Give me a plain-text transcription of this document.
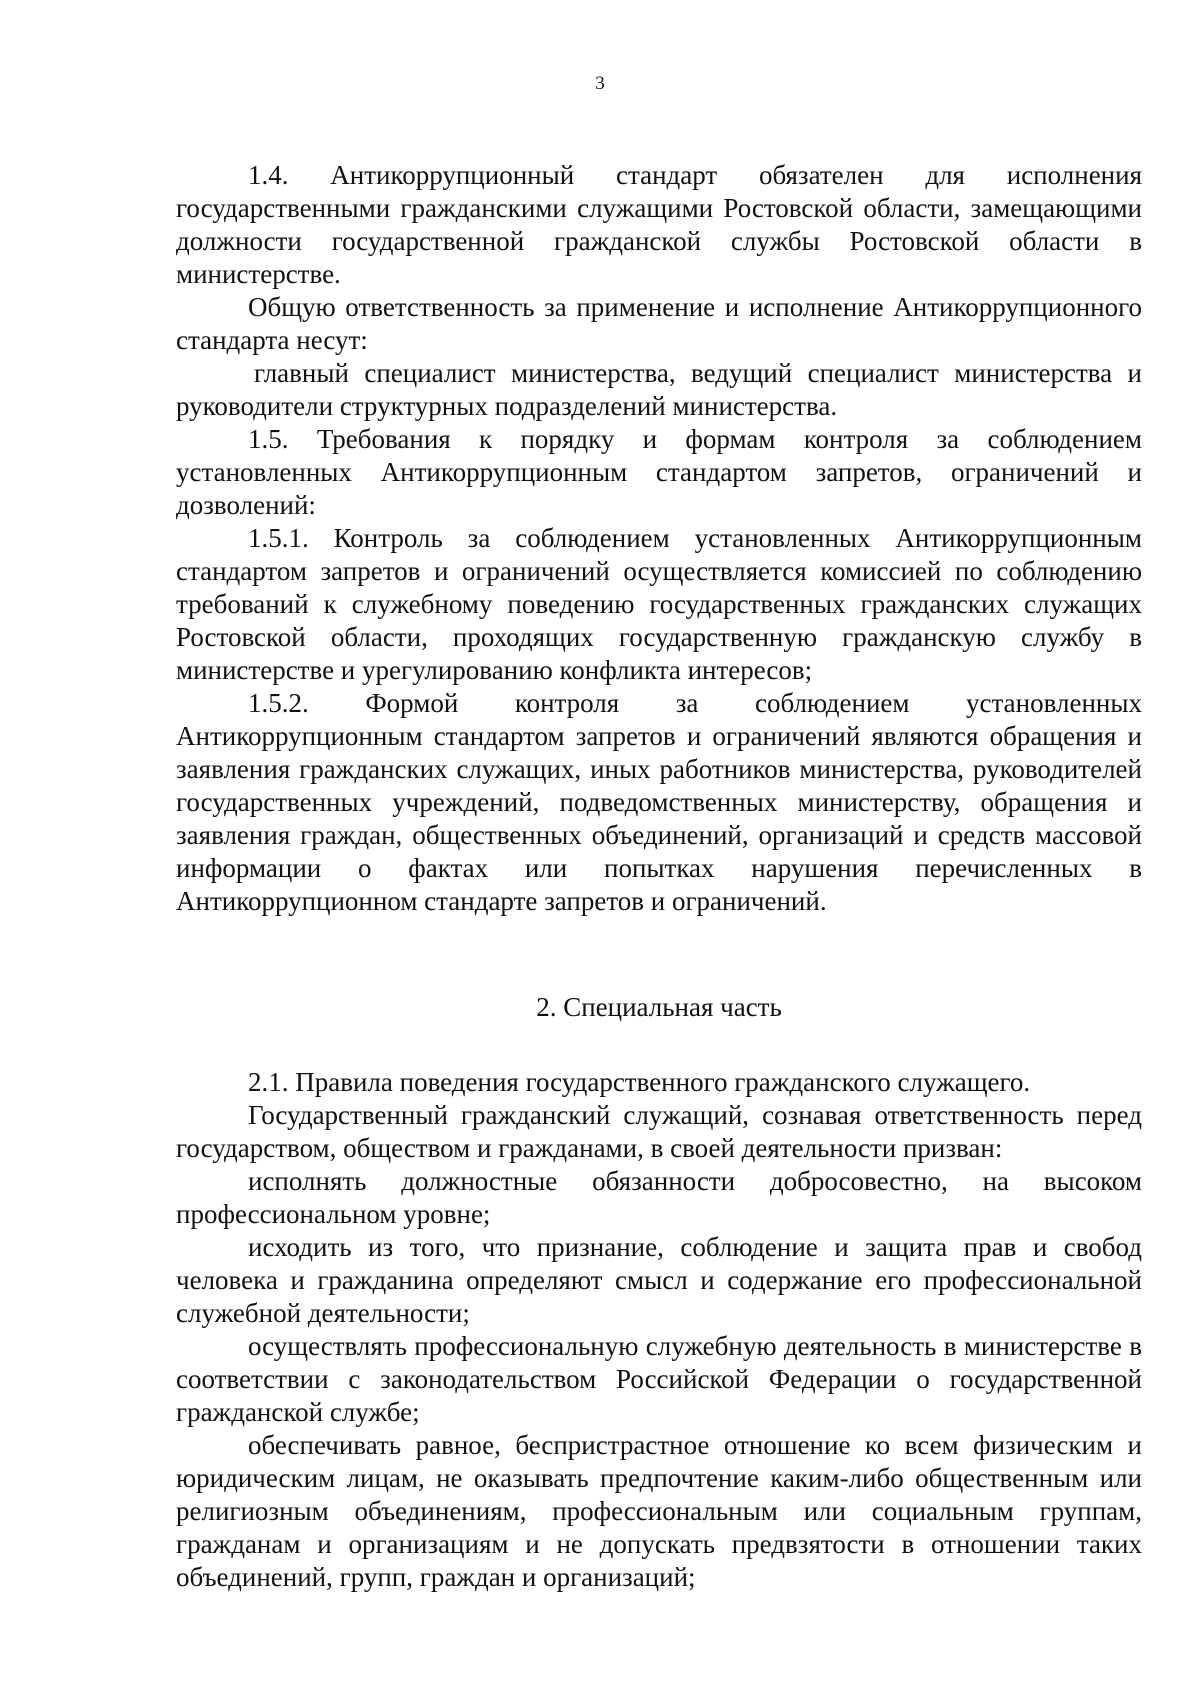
3

1.4. Антикоррупционный стандарт обязателен для исполнения государственными гражданскими служащими Ростовской области, замещающими должности государственной гражданской службы Ростовской области в министерстве.

Общую ответственность за применение и исполнение Антикоррупционного стандарта несут:

главный специалист министерства, ведущий специалист министерства и руководители структурных подразделений министерства.

1.5. Требования к порядку и формам контроля за соблюдением установленных Антикоррупционным стандартом запретов, ограничений и дозволений:

1.5.1. Контроль за соблюдением установленных Антикоррупционным стандартом запретов и ограничений осуществляется комиссией по соблюдению требований к служебному поведению государственных гражданских служащих Ростовской области, проходящих государственную гражданскую службу в министерстве и урегулированию конфликта интересов;

1.5.2. Формой контроля за соблюдением установленных Антикоррупционным стандартом запретов и ограничений являются обращения и заявления гражданских служащих, иных работников министерства, руководителей государственных учреждений, подведомственных министерству, обращения и заявления граждан, общественных объединений, организаций и средств массовой информации о фактах или попытках нарушения перечисленных в Антикоррупционном стандарте запретов и ограничений.

2. Специальная часть

2.1. Правила поведения государственного гражданского служащего.

Государственный гражданский служащий, сознавая ответственность перед государством, обществом и гражданами, в своей деятельности призван:

исполнять должностные обязанности добросовестно, на высоком профессиональном уровне;

исходить из того, что признание, соблюдение и защита прав и свобод человека и гражданина определяют смысл и содержание его профессиональной служебной деятельности;

осуществлять профессиональную служебную деятельность в министерстве в соответствии с законодательством Российской Федерации о государственной гражданской службе;

обеспечивать равное, беспристрастное отношение ко всем физическим и юридическим лицам, не оказывать предпочтение каким-либо общественным или религиозным объединениям, профессиональным или социальным группам, гражданам и организациям и не допускать предвзятости в отношении таких объединений, групп, граждан и организаций;
